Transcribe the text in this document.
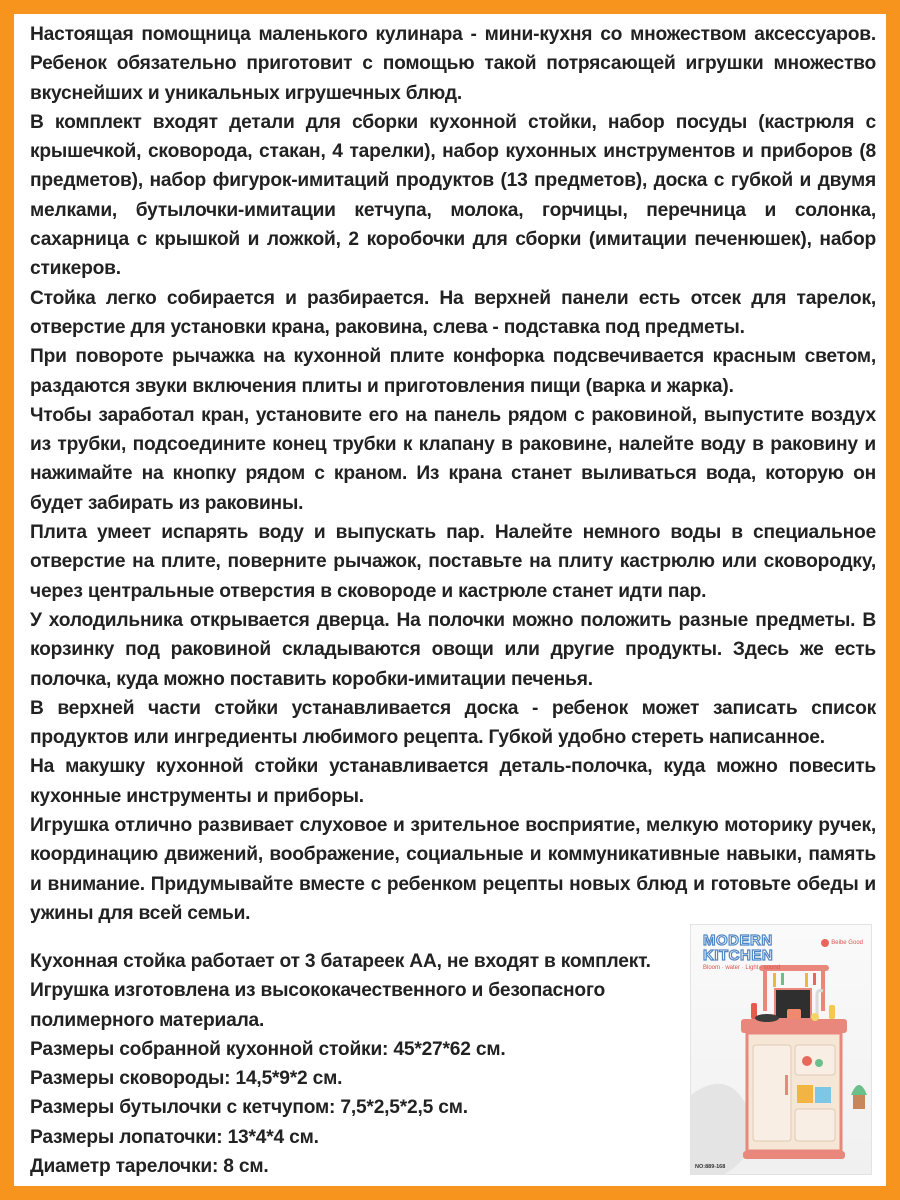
Настоящая помощница маленького кулинара - мини-кухня со множеством аксессуаров. Ребенок обязательно приготовит с помощью такой потрясающей игрушки множество вкуснейших и уникальных игрушечных блюд.
В комплект входят детали для сборки кухонной стойки, набор посуды (кастрюля с крышечкой, сковорода, стакан, 4 тарелки), набор кухонных инструментов и приборов (8 предметов), набор фигурок-имитаций продуктов (13 предметов), доска с губкой и двумя мелками, бутылочки-имитации кетчупа, молока, горчицы, перечница и солонка, сахарница с крышкой и ложкой, 2 коробочки для сборки (имитации печенюшек), набор стикеров.
Стойка легко собирается и разбирается. На верхней панели есть отсек для тарелок, отверстие для установки крана, раковина, слева - подставка под предметы.
При повороте рычажка на кухонной плите конфорка подсвечивается красным светом, раздаются звуки включения плиты и приготовления пищи (варка и жарка).
Чтобы заработал кран, установите его на панель рядом с раковиной, выпустите воздух из трубки, подсоедините конец трубки к клапану в раковине, налейте воду в раковину и нажимайте на кнопку рядом с краном. Из крана станет выливаться вода, которую он будет забирать из раковины.
Плита умеет испарять воду и выпускать пар. Налейте немного воды в специальное отверстие на плите, поверните рычажок, поставьте на плиту кастрюлю или сковородку, через центральные отверстия в сковороде и кастрюле станет идти пар.
У холодильника открывается дверца. На полочки можно положить разные предметы. В корзинку под раковиной складываются овощи или другие продукты. Здесь же есть полочка, куда можно поставить коробки-имитации печенья.
В верхней части стойки устанавливается доска - ребенок может записать список продуктов или ингредиенты любимого рецепта. Губкой удобно стереть написанное.
На макушку кухонной стойки устанавливается деталь-полочка, куда можно повесить кухонные инструменты и приборы.
Игрушка отлично развивает слуховое и зрительное восприятие, мелкую моторику ручек, координацию движений, воображение, социальные и коммуникативные навыки, память и внимание. Придумывайте вместе с ребенком рецепты новых блюд и готовьте обеды и ужины для всей семьи.
Кухонная стойка работает от 3 батареек АА, не входят в комплект.
Игрушка изготовлена из высококачественного и безопасного
полимерного материала.
Размеры собранной кухонной стойки: 45*27*62 см.
Размеры сковороды: 14,5*9*2 см.
Размеры бутылочки с кетчупом: 7,5*2,5*2,5 см.
Размеры лопаточки: 13*4*4 см.
Диаметр тарелочки: 8 см.
MODERN
KITCHEN
Bloom · water · Light · sound
Beibe Good
NO:889-168
